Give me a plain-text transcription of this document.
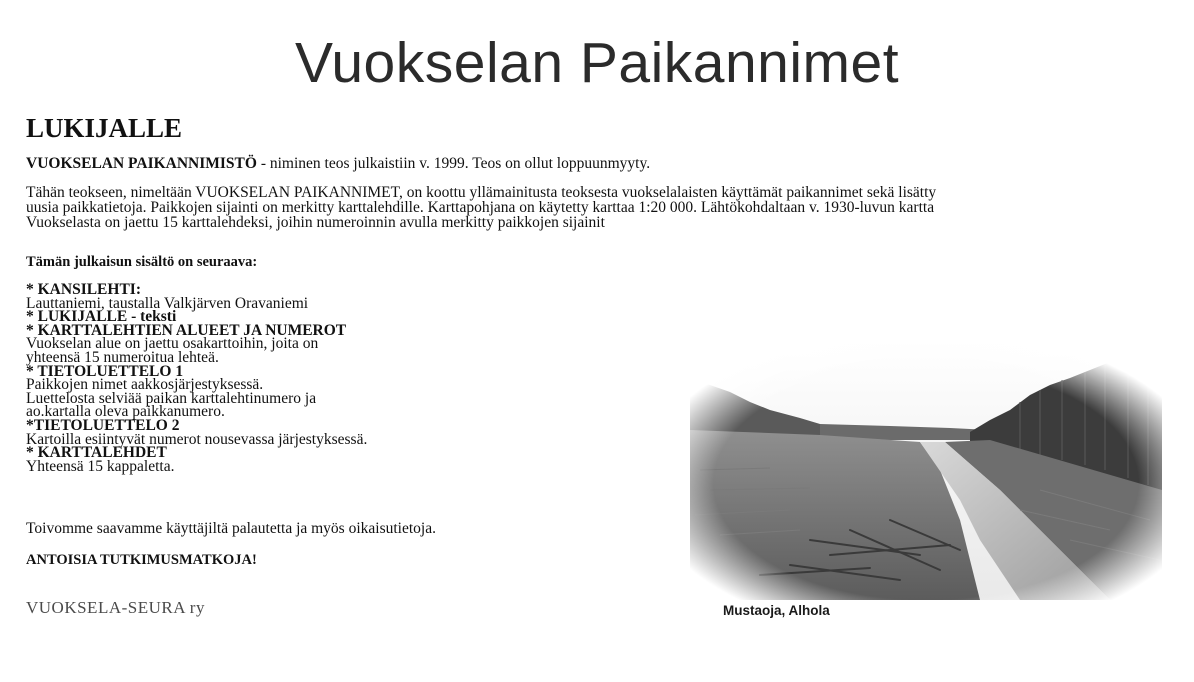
Vuokselan Paikannimet
LUKIJALLE

VUOKSELAN PAIKANNIMISTÖ - niminen teos julkaistiin v. 1999. Teos on ollut loppuunmyyty.

Tähän teokseen, nimeltään VUOKSELAN PAIKANNIMET, on koottu yllämainitusta teoksesta vuokselalaisten käyttämät paikannimet sekä lisätty
uusia paikkatietoja. Paikkojen sijainti on merkitty karttalehdille. Karttapohjana on käytetty karttaa 1:20 000. Lähtökohdaltaan v. 1930-luvun kartta
Vuokselasta on jaettu 15 karttalehdeksi, joihin numeroinnin avulla merkitty paikkojen sijainit

Tämän julkaisun sisältö on seuraava:

* KANSILEHTI:
Lauttaniemi, taustalla Valkjärven Oravaniemi
* LUKIJALLE - teksti
* KARTTALEHTIEN ALUEET JA NUMEROT
Vuokselan alue on jaettu osakarttoihin, joita on
yhteensä 15 numeroitua lehteä.
* TIETOLUETTELO 1
Paikkojen nimet aakkosjärjestyksessä.
Luettelosta selviää paikan karttalehtinumero ja
ao.kartalla oleva paikkanumero.
*TIETOLUETTELO 2
Kartoilla esiintyvät numerot nousevassa järjestyksessä.
* KARTTALEHDET
Yhteensä 15 kappaletta.

Toivomme saavamme käyttäjiltä palautetta ja myös oikaisutietoja.

ANTOISIA TUTKIMUSMATKOJA!

VUOKSELA-SEURA ry	Mustaoja, Alhola
